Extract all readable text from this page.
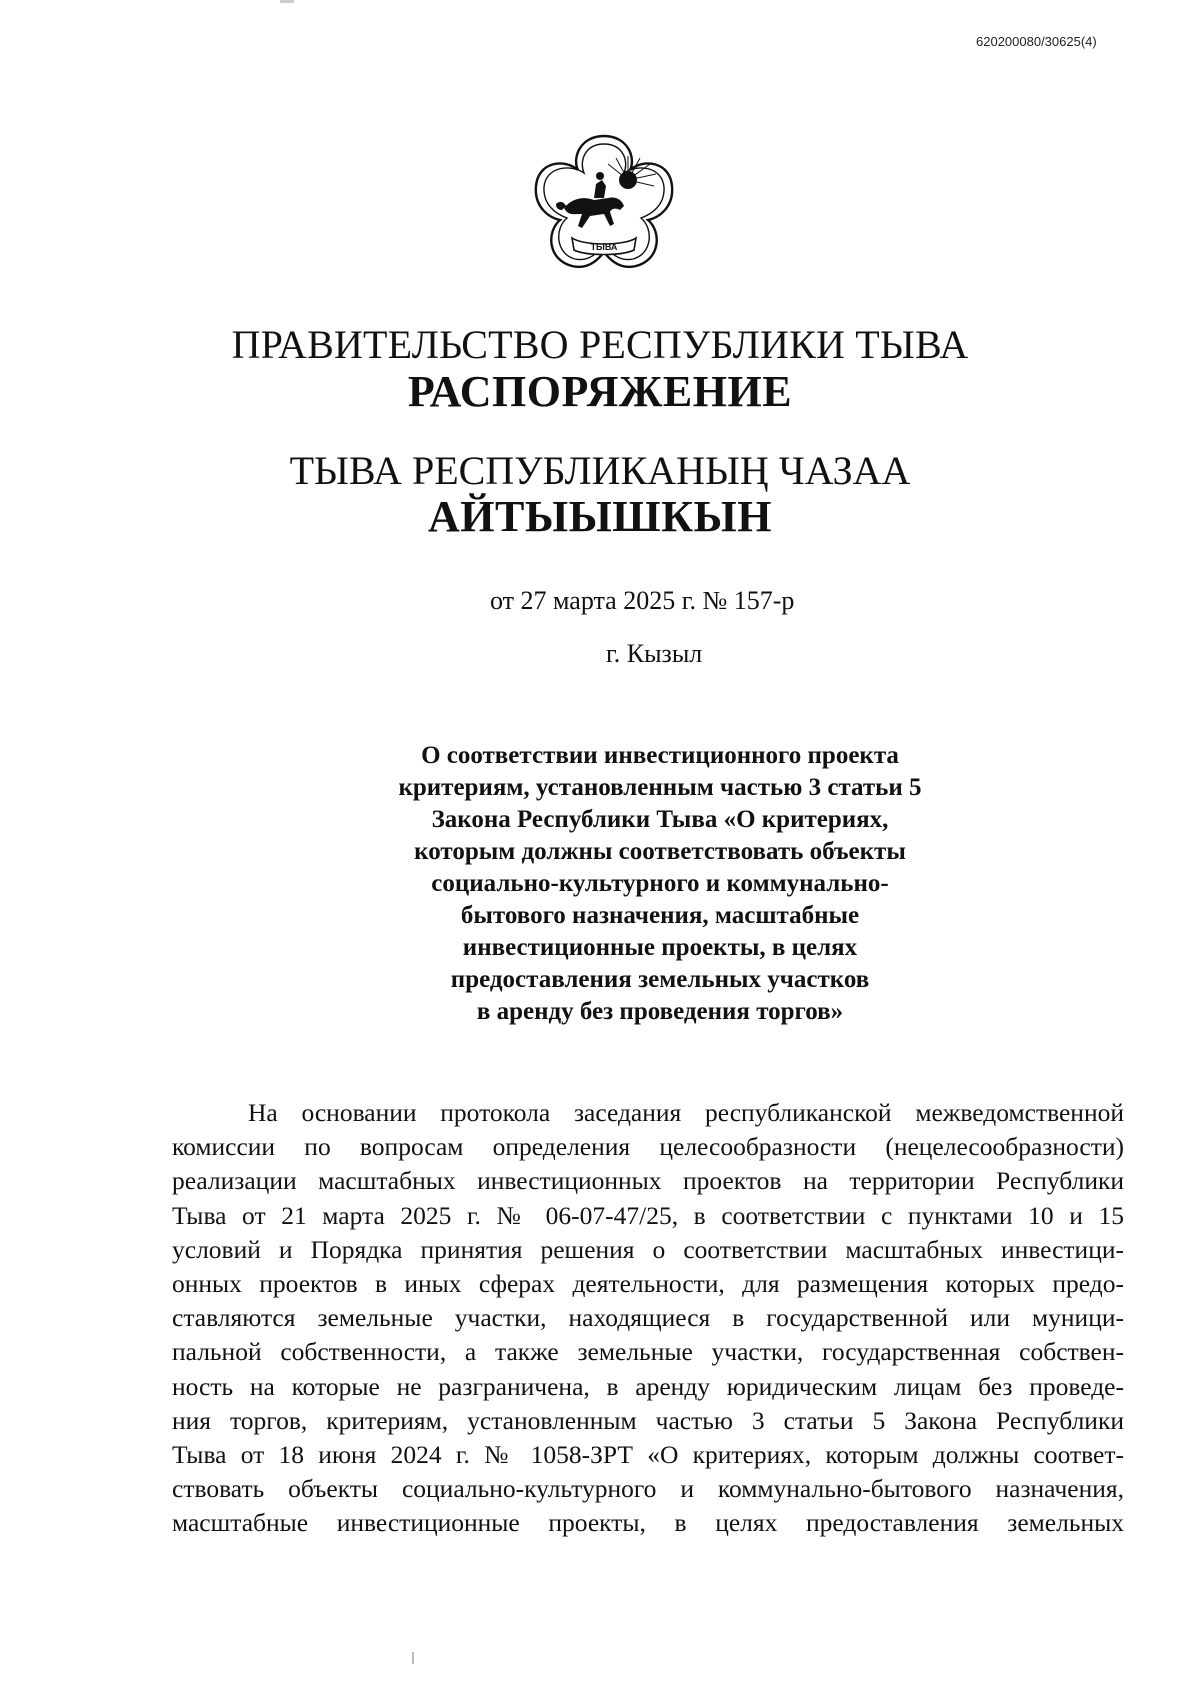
620200080/30625(4)
ТЫВА
ПРАВИТЕЛЬСТВО РЕСПУБЛИКИ ТЫВА
РАСПОРЯЖЕНИЕ
ТЫВА РЕСПУБЛИКАНЫҢ ЧАЗАА
АЙТЫЫШКЫН
от 27 марта 2025 г. № 157-р
г. Кызыл
О соответствии инвестиционного проекта
критериям, установленным частью 3 статьи 5
Закона Республики Тыва «О критериях,
которым должны соответствовать объекты
социально-культурного и коммунально-
бытового назначения, масштабные
инвестиционные проекты, в целях
предоставления земельных участков
в аренду без проведения торгов»
На основании протокола заседания республиканской межведомственной
комиссии по вопросам определения целесообразности (нецелесообразности)
реализации масштабных инвестиционных проектов на территории Республики
Тыва от 21 марта 2025 г. № 06-07-47/25, в соответствии с пунктами 10 и 15
условий и Порядка принятия решения о соответствии масштабных инвестици-
онных проектов в иных сферах деятельности, для размещения которых предо-
ставляются земельные участки, находящиеся в государственной или муници-
пальной собственности, а также земельные участки, государственная собствен-
ность на которые не разграничена, в аренду юридическим лицам без проведе-
ния торгов, критериям, установленным частью 3 статьи 5 Закона Республики
Тыва от 18 июня 2024 г. № 1058-ЗРТ «О критериях, которым должны соответ-
ствовать объекты социально-культурного и коммунально-бытового назначения,
масштабные инвестиционные проекты, в целях предоставления земельных
